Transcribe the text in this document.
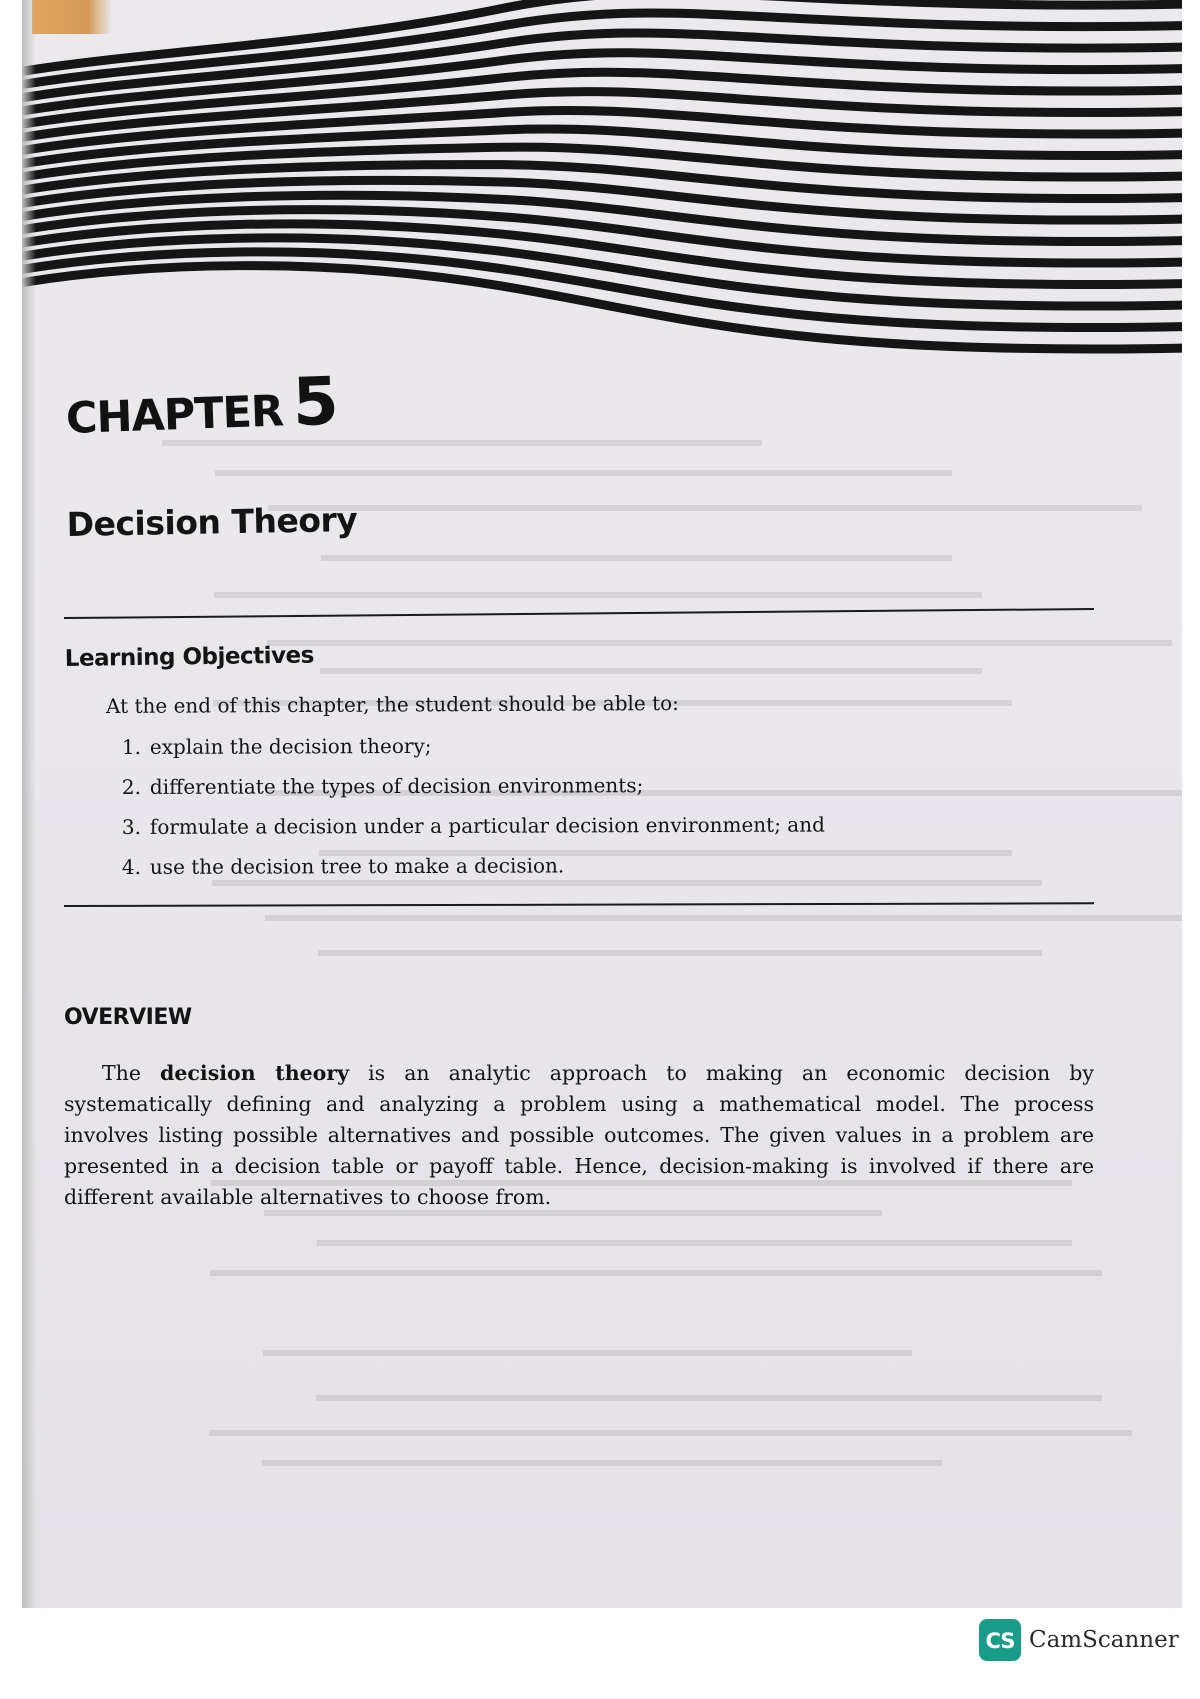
CHAPTER 5
Decision Theory
Learning Objectives
At the end of this chapter, the student should be able to:
1. explain the decision theory;
2. differentiate the types of decision environments;
3. formulate a decision under a particular decision environment; and
4. use the decision tree to make a decision.
OVERVIEW

The decision theory is an analytic approach to making an economic decision by systematically defining and analyzing a problem using a mathematical model. The process involves listing possible alternatives and possible outcomes. The given values in a problem are presented in a decision table or payoff table. Hence, decision-making is involved if there are different available alternatives to choose from.

CS CamScanner
